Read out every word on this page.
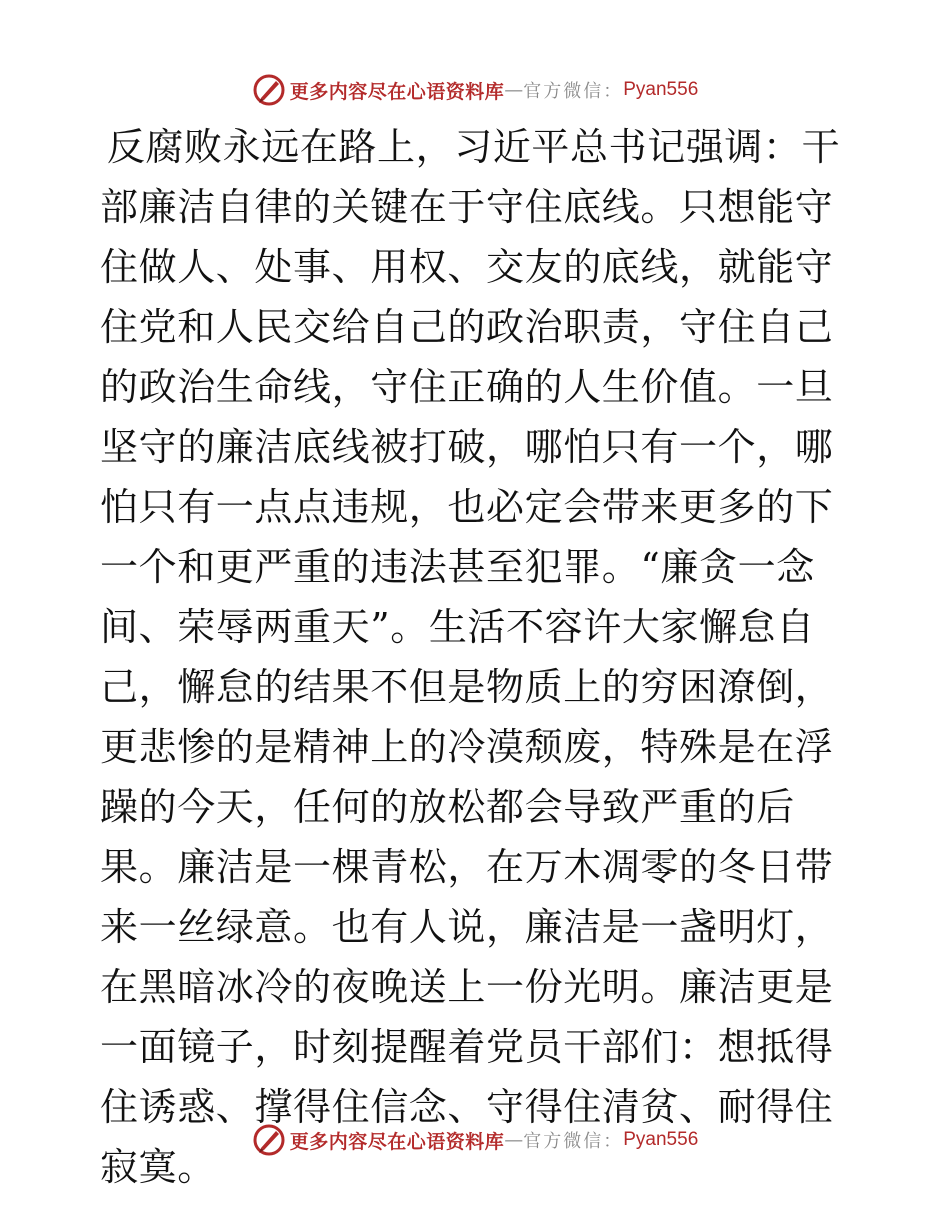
更多内容尽在心语资料库 — 官方微信： Pyan556

反腐败永远在路上，习近平总书记强调：干部廉洁自律的关键在于守住底线。只想能守住做人、处事、用权、交友的底线，就能守住党和人民交给自己的政治职责，守住自己的政治生命线，守住正确的人生价值。一旦坚守的廉洁底线被打破，哪怕只有一个，哪怕只有一点点违规，也必定会带来更多的下一个和更严重的违法甚至犯罪。“廉贪一念间、荣辱两重天”。生活不容许大家懈怠自己，懈怠的结果不但是物质上的穷困潦倒，更悲惨的是精神上的冷漠颓废，特殊是在浮躁的今天，任何的放松都会导致严重的后果。廉洁是一棵青松，在万木凋零的冬日带来一丝绿意。也有人说，廉洁是一盏明灯，在黑暗冰冷的夜晚送上一份光明。廉洁更是一面镜子，时刻提醒着党员干部们：想抵得住诱惑、撑得住信念、守得住清贫、耐得住寂寞。

更多内容尽在心语资料库 — 官方微信： Pyan556
